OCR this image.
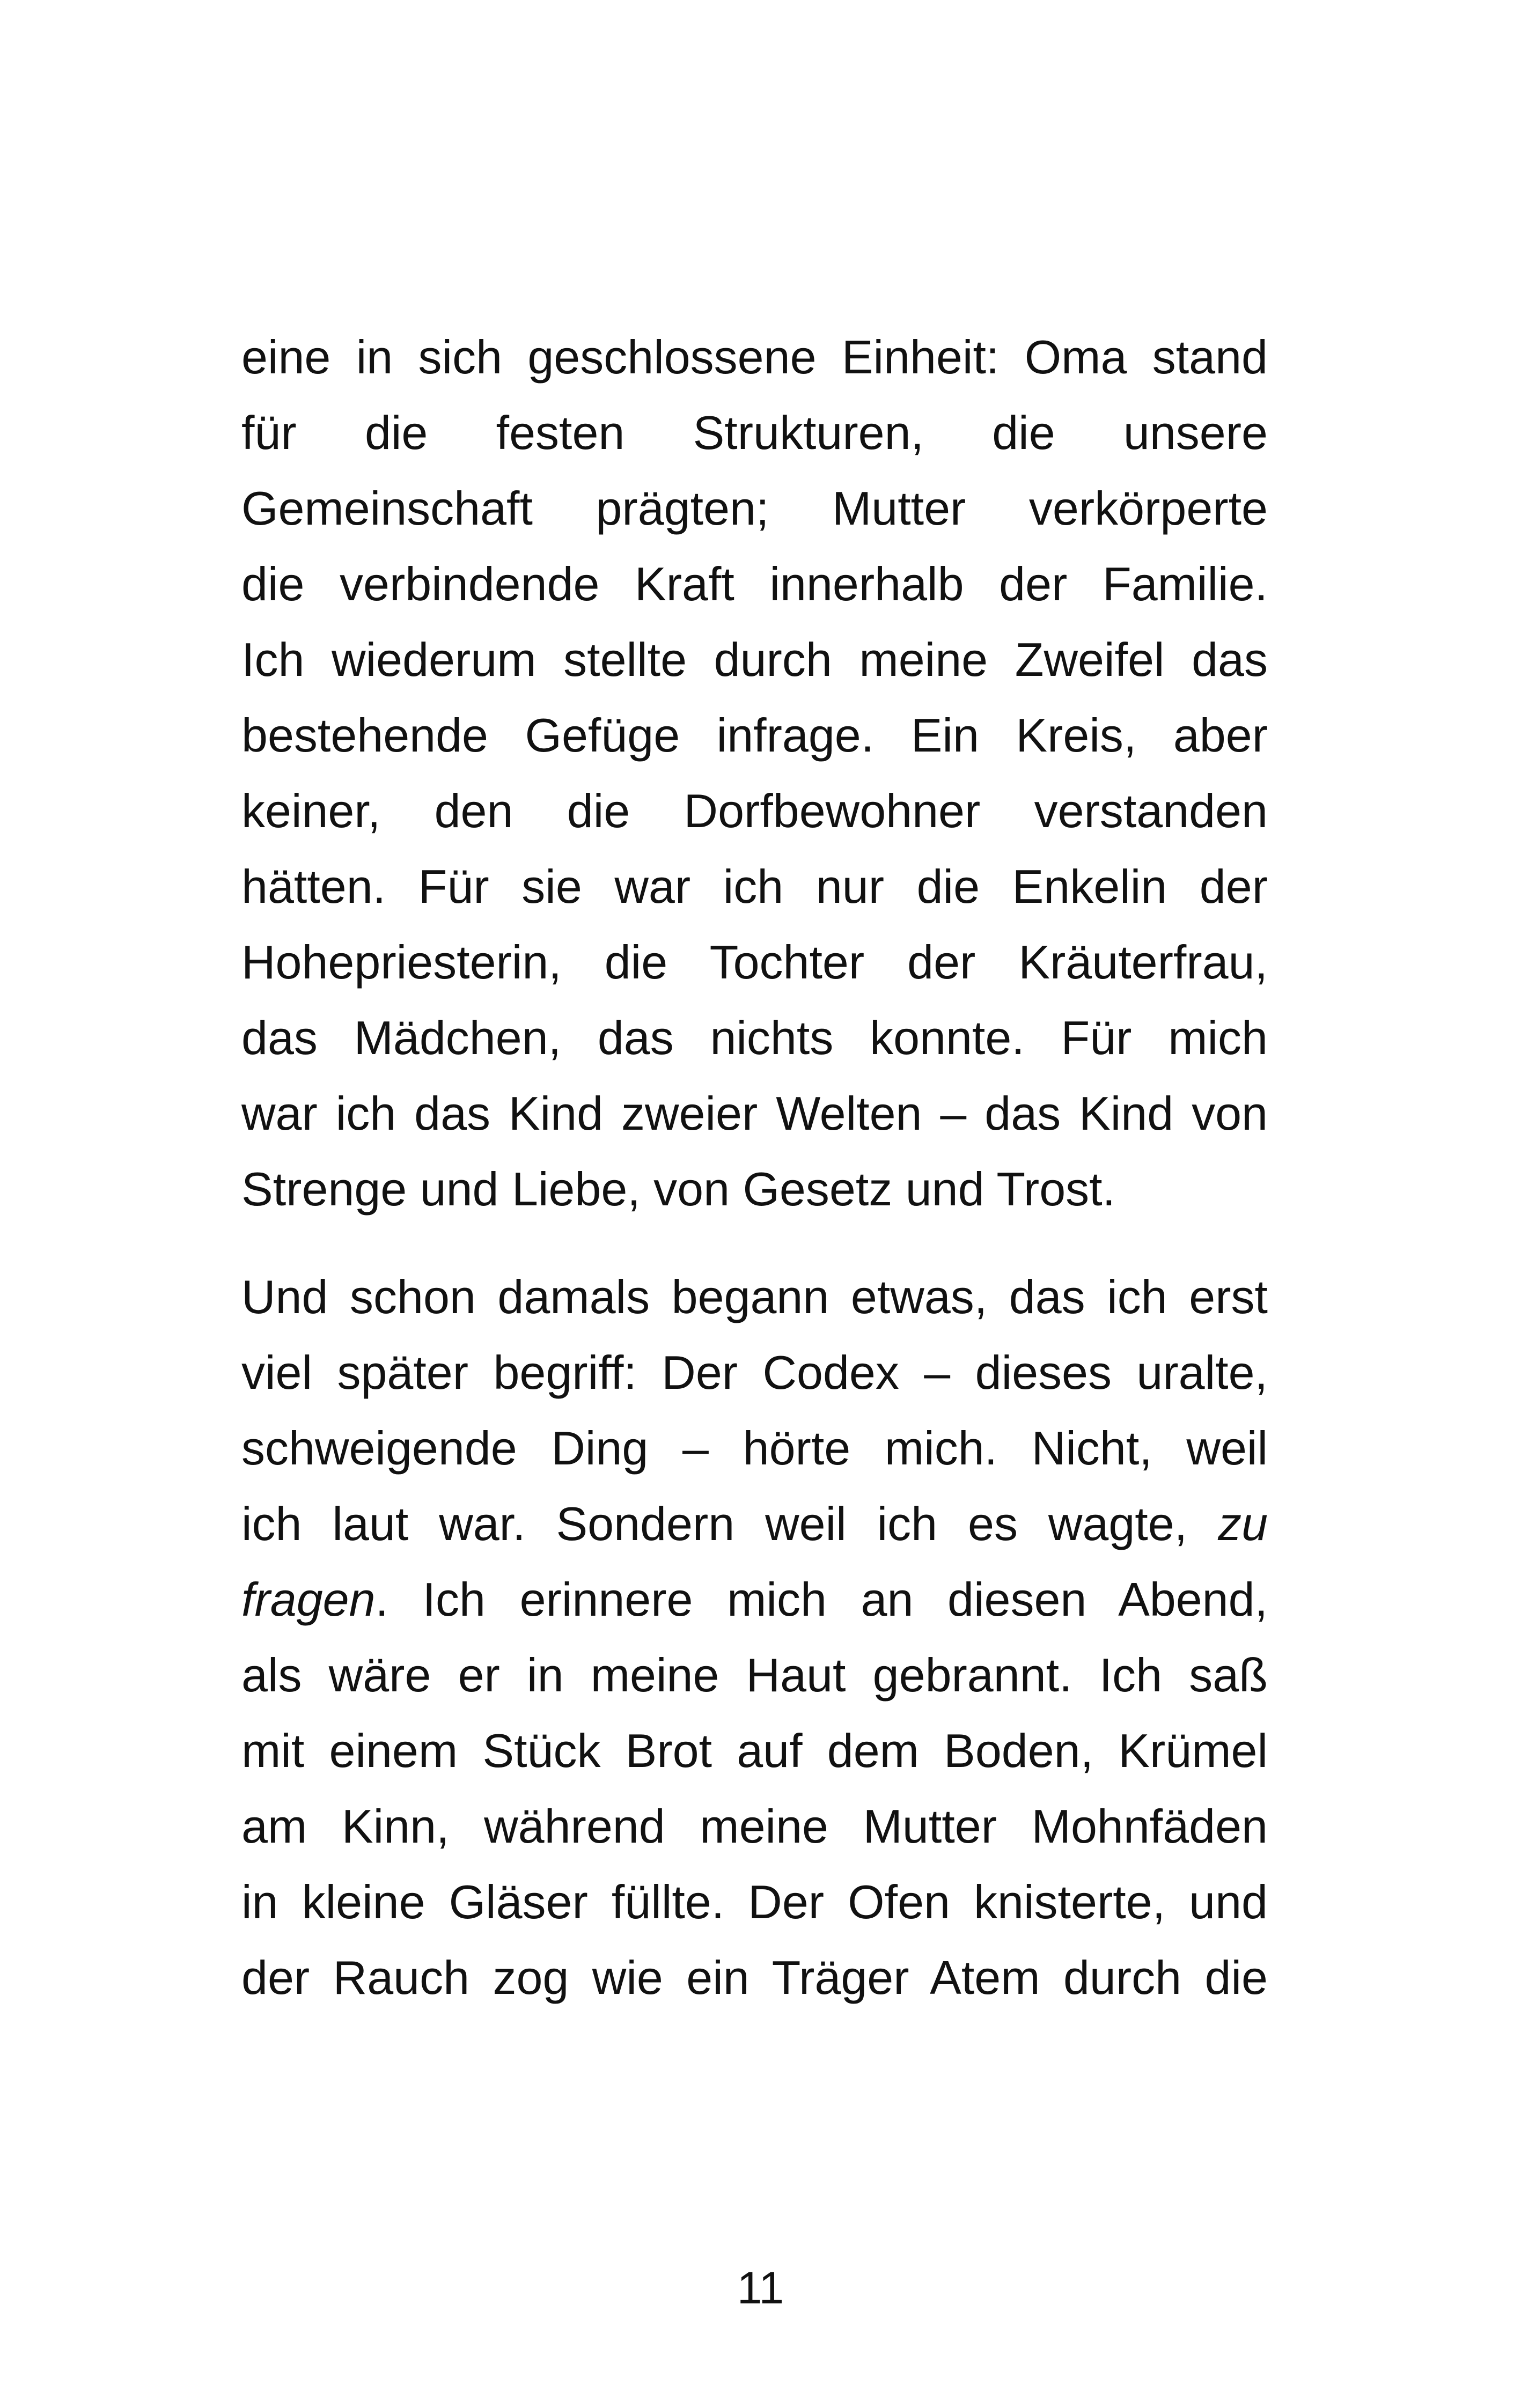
eine in sich geschlossene Einheit: Oma stand
für die festen Strukturen, die unsere
Gemeinschaft prägten; Mutter verkörperte
die verbindende Kraft innerhalb der Familie.
Ich wiederum stellte durch meine Zweifel das
bestehende Gefüge infrage. Ein Kreis, aber
keiner, den die Dorfbewohner verstanden
hätten. Für sie war ich nur die Enkelin der
Hohepriesterin, die Tochter der Kräuterfrau,
das Mädchen, das nichts konnte. Für mich
war ich das Kind zweier Welten – das Kind von
Strenge und Liebe, von Gesetz und Trost.

Und schon damals begann etwas, das ich erst
viel später begriff: Der Codex – dieses uralte,
schweigende Ding – hörte mich. Nicht, weil
ich laut war. Sondern weil ich es wagte, zu
fragen. Ich erinnere mich an diesen Abend,
als wäre er in meine Haut gebrannt. Ich saß
mit einem Stück Brot auf dem Boden, Krümel
am Kinn, während meine Mutter Mohnfäden
in kleine Gläser füllte. Der Ofen knisterte, und
der Rauch zog wie ein Träger Atem durch die

11
